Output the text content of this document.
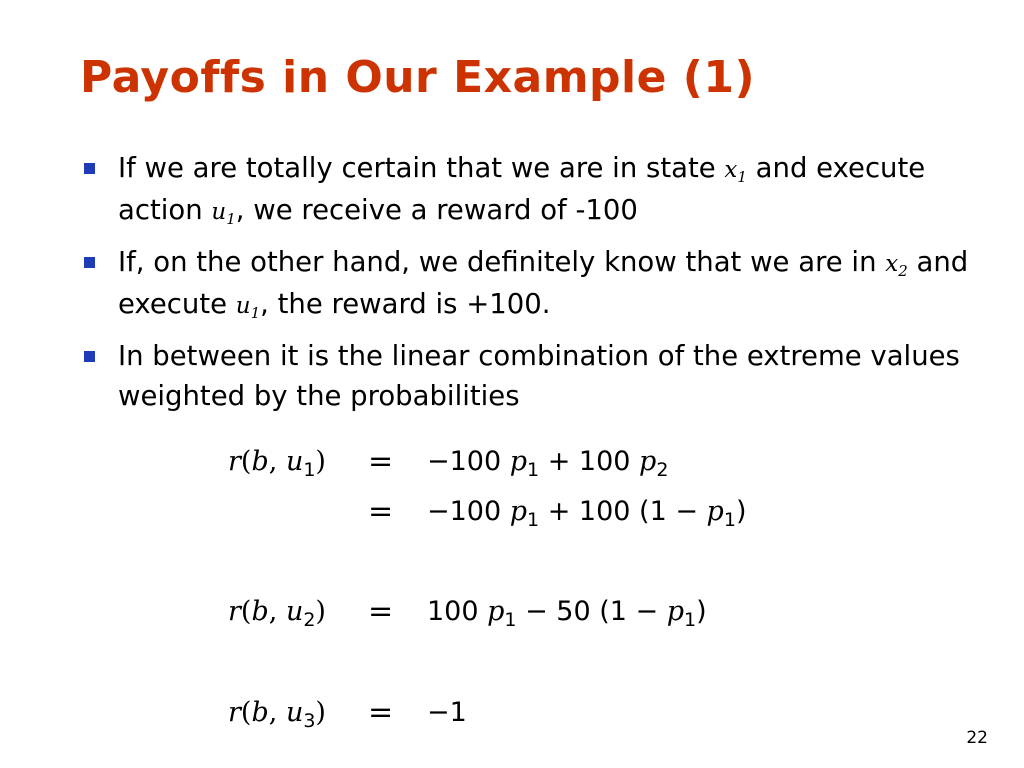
Payoffs in Our Example (1)
If we are totally certain that we are in state $x_1$ and execute action $u_1$, we receive a reward of -100
If, on the other hand, we definitely know that we are in $x_2$ and execute $u_1$, the reward is +100.
In between it is the linear combination of the extreme values weighted by the probabilities
r(b, $u_1) = -100$ $p_1 + 100$ $p_2$
= −100 $p_1 + 100$ $(1 - p_1)$
r(b, $u_2) = 100$ $p_1 - 50$ $(1 - p_1)$
r(b, $u_3) = -1$
22
